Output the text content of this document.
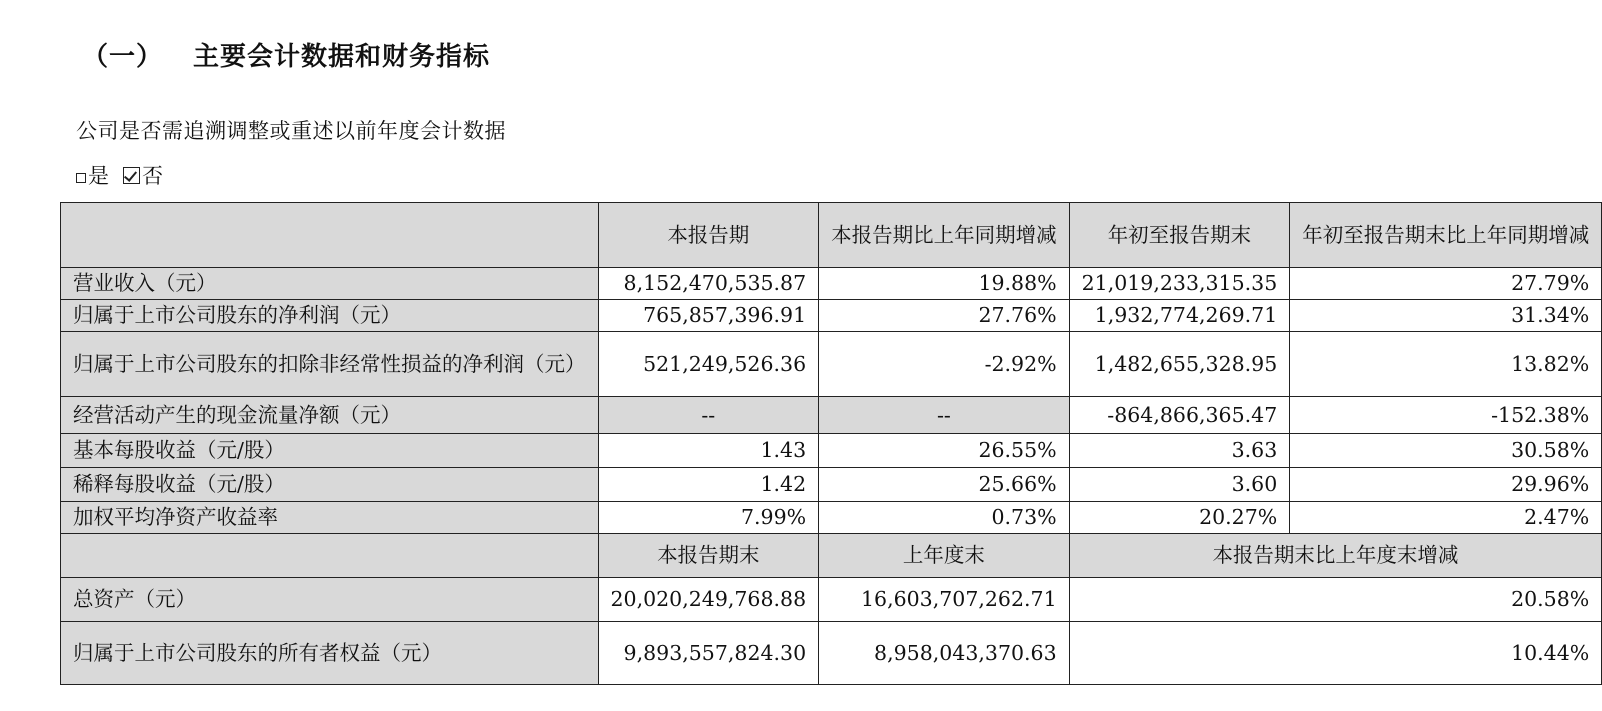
（一） 主要会计数据和财务指标
公司是否需追溯调整或重述以前年度会计数据
是 否
	本报告期	本报告期比上年同期增减	年初至报告期末	年初至报告期末比上年同期增减
营业收入（元）	8,152,470,535.87	19.88%	21,019,233,315.35	27.79%
归属于上市公司股东的净利润（元）	765,857,396.91	27.76%	1,932,774,269.71	31.34%
归属于上市公司股东的扣除非经常性损益的净利润（元）	521,249,526.36	-2.92%	1,482,655,328.95	13.82%
经营活动产生的现金流量净额（元）	--	--	-864,866,365.47	-152.38%
基本每股收益（元/股）	1.43	26.55%	3.63	30.58%
稀释每股收益（元/股）	1.42	25.66%	3.60	29.96%
加权平均净资产收益率	7.99%	0.73%	20.27%	2.47%
	本报告期末	上年度末	本报告期末比上年度末增减	
总资产（元）	20,020,249,768.88	16,603,707,262.71	20.58%	
归属于上市公司股东的所有者权益（元）	9,893,557,824.30	8,958,043,370.63	10.44%	
